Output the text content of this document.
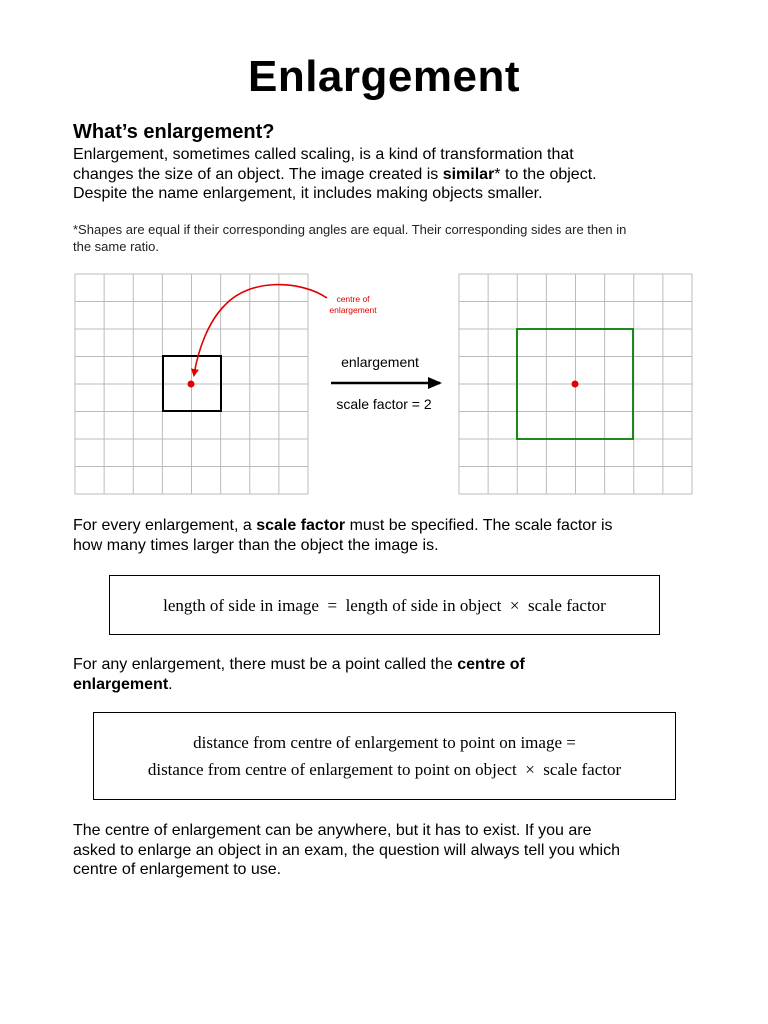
Enlargement
What’s enlargement?
Enlargement, sometimes called scaling, is a kind of transformation that
changes the size of an object. The image created is similar* to the object.
Despite the name enlargement, it includes making objects smaller.
*Shapes are equal if their corresponding angles are equal. Their corresponding sides are then in
the same ratio.
centre of
enlargement
enlargement
scale factor = 2
For every enlargement, a scale factor must be specified. The scale factor is
how many times larger than the object the image is.
length of side in image = length of side in object × scale factor
For any enlargement, there must be a point called the centre of
enlargement.
distance from centre of enlargement to point on image =
distance from centre of enlargement to point on object × scale factor
The centre of enlargement can be anywhere, but it has to exist. If you are
asked to enlarge an object in an exam, the question will always tell you which
centre of enlargement to use.
